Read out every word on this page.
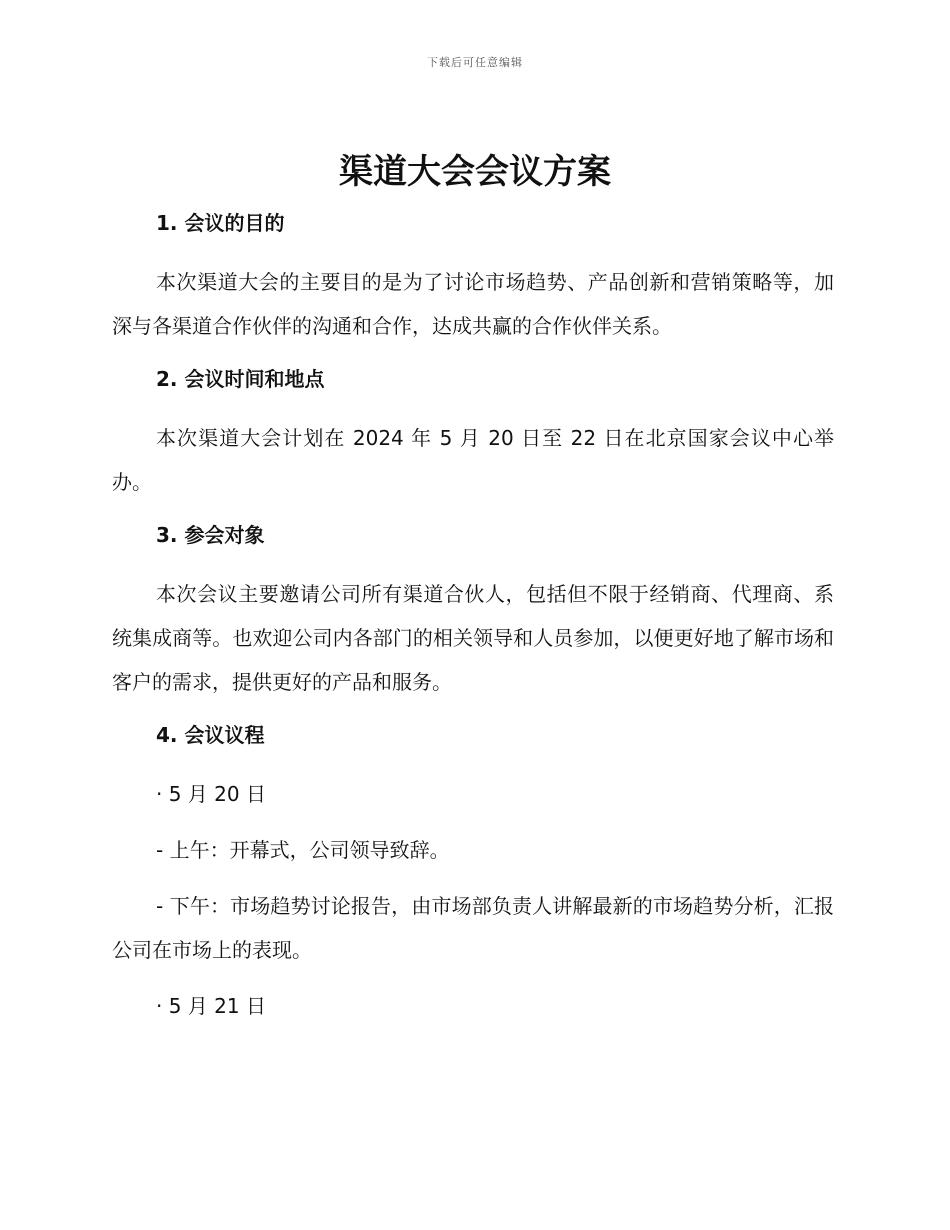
下载后可任意编辑
渠道大会会议方案
1. 会议的目的
本次渠道大会的主要目的是为了讨论市场趋势、产品创新和营销策略等，加深与各渠道合作伙伴的沟通和合作，达成共赢的合作伙伴关系。
2. 会议时间和地点
本次渠道大会计划在 2024 年 5 月 20 日至 22 日在北京国家会议中心举办。
3. 参会对象
本次会议主要邀请公司所有渠道合伙人，包括但不限于经销商、代理商、系统集成商等。也欢迎公司内各部门的相关领导和人员参加，以便更好地了解市场和客户的需求，提供更好的产品和服务。
4. 会议议程
· 5 月 20 日
- 上午：开幕式，公司领导致辞。
- 下午：市场趋势讨论报告，由市场部负责人讲解最新的市场趋势分析，汇报公司在市场上的表现。
· 5 月 21 日
